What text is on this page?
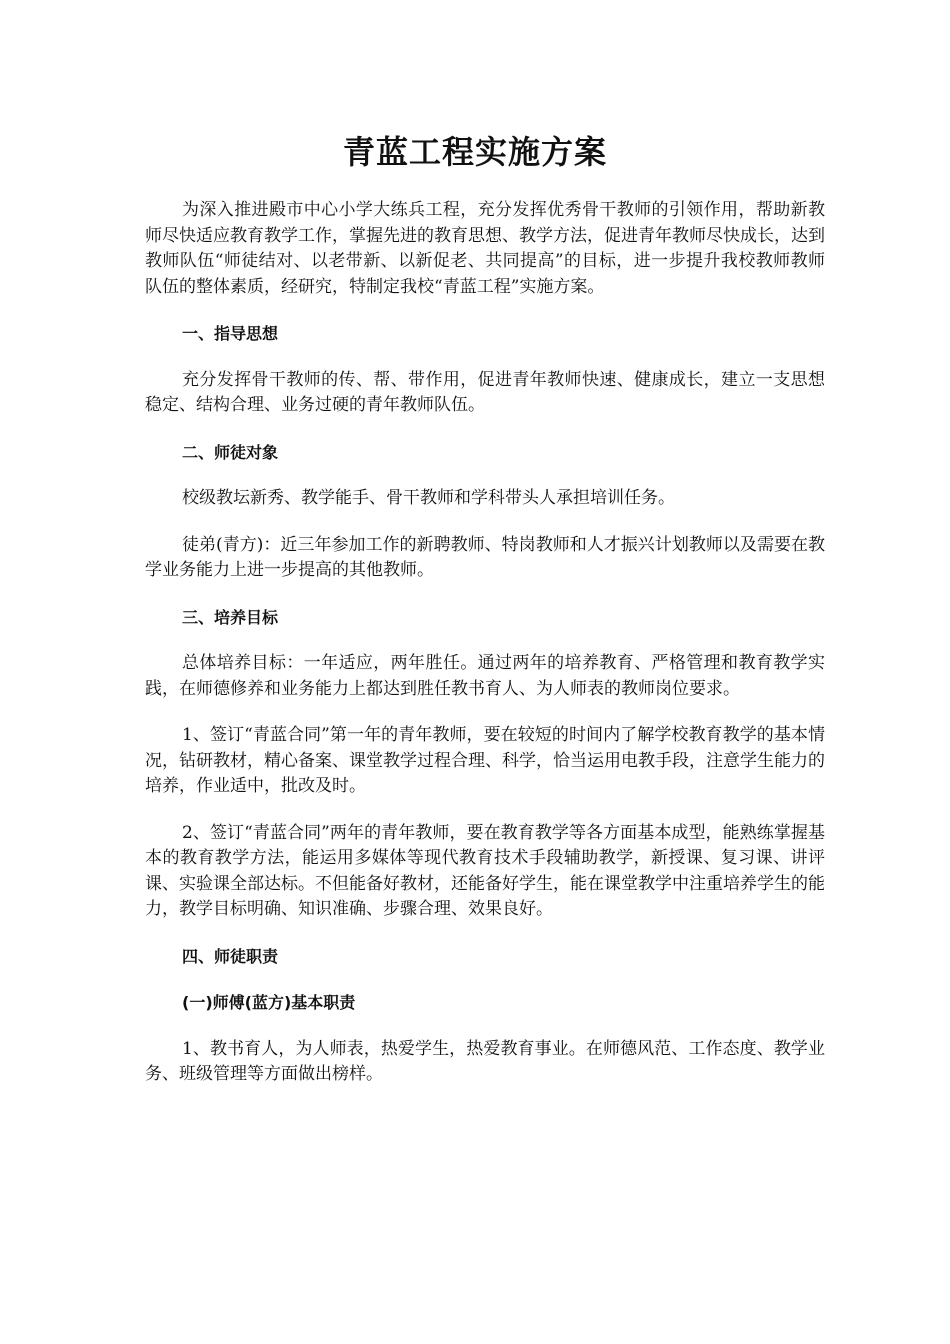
青蓝工程实施方案

为深入推进殿市中心小学大练兵工程，充分发挥优秀骨干教师的引领作用，帮助新教师尽快适应教育教学工作，掌握先进的教育思想、教学方法，促进青年教师尽快成长，达到教师队伍“师徒结对、以老带新、以新促老、共同提高”的目标，进一步提升我校教师教师队伍的整体素质，经研究，特制定我校“青蓝工程”实施方案。

一、指导思想

充分发挥骨干教师的传、帮、带作用，促进青年教师快速、健康成长，建立一支思想稳定、结构合理、业务过硬的青年教师队伍。

二、师徒对象

校级教坛新秀、教学能手、骨干教师和学科带头人承担培训任务。

徒弟(青方)：近三年参加工作的新聘教师、特岗教师和人才振兴计划教师以及需要在教学业务能力上进一步提高的其他教师。

三、培养目标

总体培养目标：一年适应，两年胜任。通过两年的培养教育、严格管理和教育教学实践，在师德修养和业务能力上都达到胜任教书育人、为人师表的教师岗位要求。

1、签订“青蓝合同”第一年的青年教师，要在较短的时间内了解学校教育教学的基本情况，钻研教材，精心备案、课堂教学过程合理、科学，恰当运用电教手段，注意学生能力的培养，作业适中，批改及时。

2、签订“青蓝合同”两年的青年教师，要在教育教学等各方面基本成型，能熟练掌握基本的教育教学方法，能运用多媒体等现代教育技术手段辅助教学，新授课、复习课、讲评课、实验课全部达标。不但能备好教材，还能备好学生，能在课堂教学中注重培养学生的能力，教学目标明确、知识准确、步骤合理、效果良好。

四、师徒职责

(一)师傅(蓝方)基本职责

1、教书育人，为人师表，热爱学生，热爱教育事业。在师德风范、工作态度、教学业务、班级管理等方面做出榜样。
